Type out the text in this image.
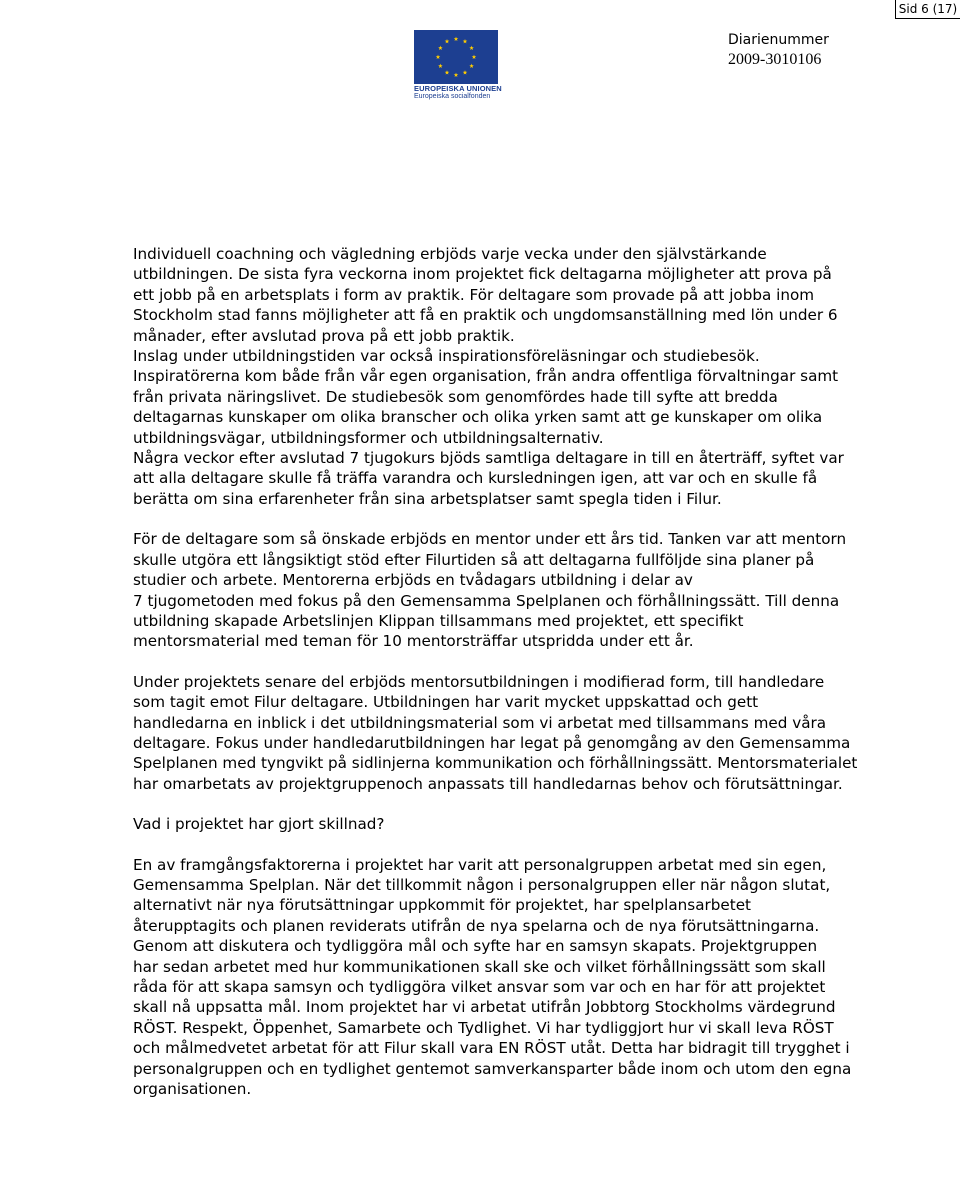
Sid 6 (17)
EUROPEISKA UNIONEN
Europeiska socialfonden
Diarienummer
2009-3010106
Individuell coachning och vägledning erbjöds varje vecka under den självstärkande
utbildningen. De sista fyra veckorna inom projektet fick deltagarna möjligheter att prova på
ett jobb på en arbetsplats i form av praktik. För deltagare som provade på att jobba inom
Stockholm stad fanns möjligheter att få en praktik och ungdomsanställning med lön under 6
månader, efter avslutad prova på ett jobb praktik.
Inslag under utbildningstiden var också inspirationsföreläsningar och studiebesök.
Inspiratörerna kom både från vår egen organisation, från andra offentliga förvaltningar samt
från privata näringslivet. De studiebesök som genomfördes hade till syfte att bredda
deltagarnas kunskaper om olika branscher och olika yrken samt att ge kunskaper om olika
utbildningsvägar, utbildningsformer och utbildningsalternativ.
Några veckor efter avslutad 7 tjugokurs bjöds samtliga deltagare in till en återträff, syftet var
att alla deltagare skulle få träffa varandra och kursledningen igen, att var och en skulle få
berätta om sina erfarenheter från sina arbetsplatser samt spegla tiden i Filur.
För de deltagare som så önskade erbjöds en mentor under ett års tid. Tanken var att mentorn
skulle utgöra ett långsiktigt stöd efter Filurtiden så att deltagarna fullföljde sina planer på
studier och arbete. Mentorerna erbjöds en tvådagars utbildning i delar av
7 tjugometoden med fokus på den Gemensamma Spelplanen och förhållningssätt. Till denna
utbildning skapade Arbetslinjen Klippan tillsammans med projektet, ett specifikt
mentorsmaterial med teman för 10 mentorsträffar utspridda under ett år.
Under projektets senare del erbjöds mentorsutbildningen i modifierad form, till handledare
som tagit emot Filur deltagare. Utbildningen har varit mycket uppskattad och gett
handledarna en inblick i det utbildningsmaterial som vi arbetat med tillsammans med våra
deltagare. Fokus under handledarutbildningen har legat på genomgång av den Gemensamma
Spelplanen med tyngvikt på sidlinjerna kommunikation och förhållningssätt. Mentorsmaterialet
har omarbetats av projektgruppenoch anpassats till handledarnas behov och förutsättningar.
Vad i projektet har gjort skillnad?
En av framgångsfaktorerna i projektet har varit att personalgruppen arbetat med sin egen,
Gemensamma Spelplan. När det tillkommit någon i personalgruppen eller när någon slutat,
alternativt när nya förutsättningar uppkommit för projektet, har spelplansarbetet
återupptagits och planen reviderats utifrån de nya spelarna och de nya förutsättningarna.
Genom att diskutera och tydliggöra mål och syfte har en samsyn skapats. Projektgruppen
har sedan arbetet med hur kommunikationen skall ske och vilket förhållningssätt som skall
råda för att skapa samsyn och tydliggöra vilket ansvar som var och en har för att projektet
skall nå uppsatta mål. Inom projektet har vi arbetat utifrån Jobbtorg Stockholms värdegrund
RÖST. Respekt, Öppenhet, Samarbete och Tydlighet. Vi har tydliggjort hur vi skall leva RÖST
och målmedvetet arbetat för att Filur skall vara EN RÖST utåt. Detta har bidragit till trygghet i
personalgruppen och en tydlighet gentemot samverkansparter både inom och utom den egna
organisationen.
